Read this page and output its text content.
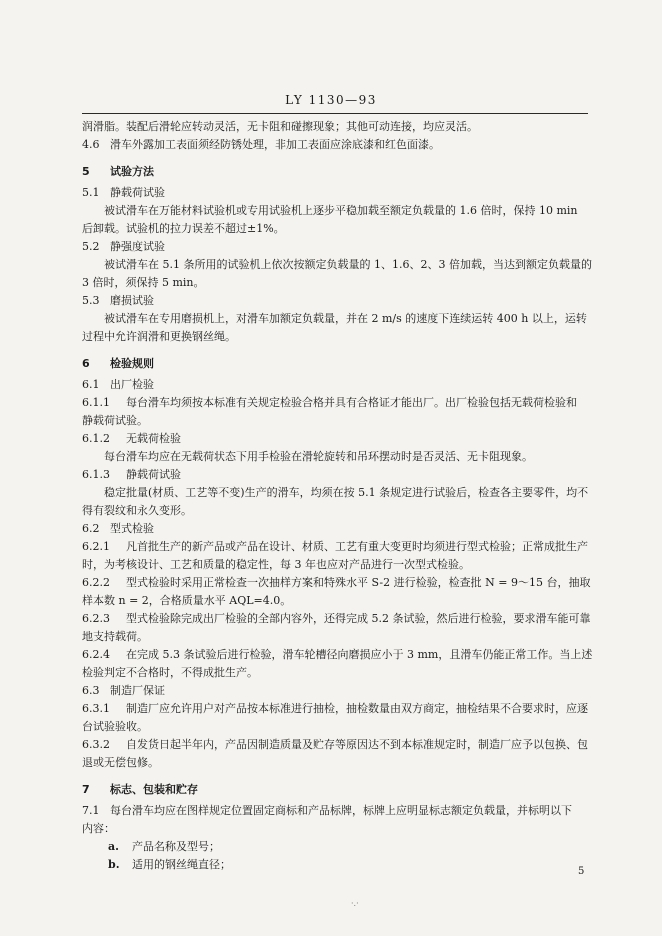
LY 1130—93

润滑脂。装配后滑轮应转动灵活，无卡阻和碰擦现象；其他可动连接，均应灵活。

4.6 滑车外露加工表面须经防锈处理，非加工表面应涂底漆和红色面漆。

5 试验方法

5.1 静载荷试验

被试滑车在万能材料试验机或专用试验机上逐步平稳加载至额定负载量的 1.6 倍时，保持 10 min

后卸载。试验机的拉力误差不超过±1%。

5.2 静强度试验

被试滑车在 5.1 条所用的试验机上依次按额定负载量的 1、1.6、2、3 倍加载，当达到额定负载量的

3 倍时，须保持 5 min。

5.3 磨损试验

被试滑车在专用磨损机上，对滑车加额定负载量，并在 2 m/s 的速度下连续运转 400 h 以上，运转

过程中允许润滑和更换钢丝绳。

6 检验规则

6.1 出厂检验

6.1.1 每台滑车均须按本标准有关规定检验合格并具有合格证才能出厂。出厂检验包括无载荷检验和

静载荷试验。

6.1.2 无载荷检验

每台滑车均应在无载荷状态下用手检验在滑轮旋转和吊环摆动时是否灵活、无卡阻现象。

6.1.3 静载荷试验

稳定批量(材质、工艺等不变)生产的滑车，均须在按 5.1 条规定进行试验后，检查各主要零件，均不

得有裂纹和永久变形。

6.2 型式检验

6.2.1 凡首批生产的新产品或产品在设计、材质、工艺有重大变更时均须进行型式检验；正常成批生产

时，为考核设计、工艺和质量的稳定性，每 3 年也应对产品进行一次型式检验。

6.2.2 型式检验时采用正常检查一次抽样方案和特殊水平 S-2 进行检验，检查批 N = 9～15 台，抽取

样本数 n = 2，合格质量水平 AQL=4.0。

6.2.3 型式检验除完成出厂检验的全部内容外，还得完成 5.2 条试验，然后进行检验，要求滑车能可靠

地支持载荷。

6.2.4 在完成 5.3 条试验后进行检验，滑车轮槽径向磨损应小于 3 mm，且滑车仍能正常工作。当上述

检验判定不合格时，不得成批生产。

6.3 制造厂保证

6.3.1 制造厂应允许用户对产品按本标准进行抽检，抽检数量由双方商定，抽检结果不合要求时，应逐

台试验验收。

6.3.2 自发货日起半年内，产品因制造质量及贮存等原因达不到本标准规定时，制造厂应予以包换、包

退或无偿包修。

7 标志、包装和贮存

7.1 每台滑车均应在图样规定位置固定商标和产品标牌，标牌上应明显标志额定负载量，并标明以下

内容：

a. 产品名称及型号；

b. 适用的钢丝绳直径；

5
·.·
